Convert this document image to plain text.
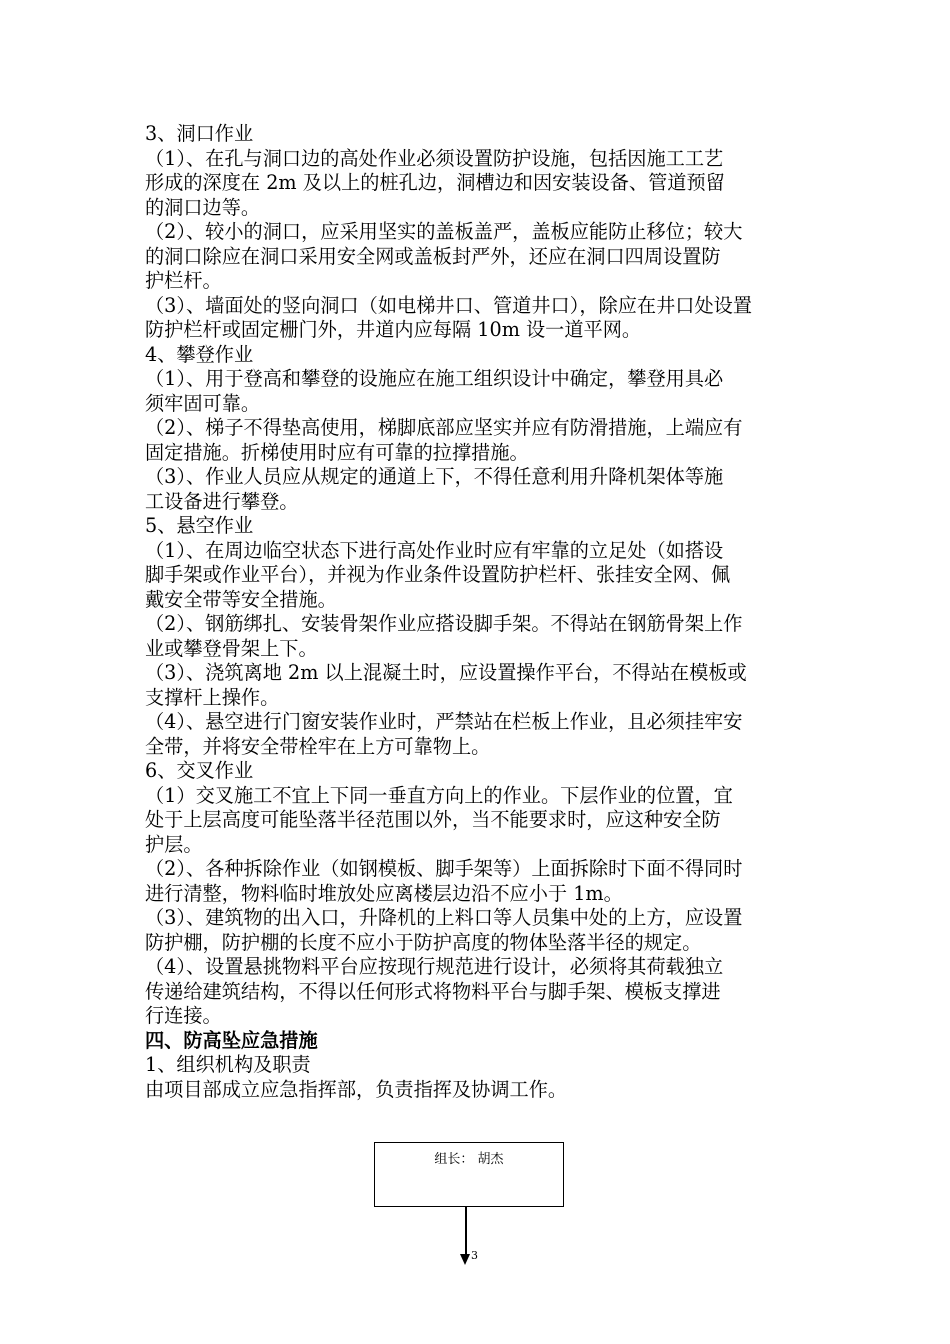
3、洞口作业
（1）、在孔与洞口边的高处作业必须设置防护设施，包括因施工工艺
形成的深度在 2m 及以上的桩孔边，洞槽边和因安装设备、管道预留
的洞口边等。
（2）、较小的洞口，应采用坚实的盖板盖严，盖板应能防止移位；较大
的洞口除应在洞口采用安全网或盖板封严外，还应在洞口四周设置防
护栏杆。
（3）、墙面处的竖向洞口（如电梯井口、管道井口），除应在井口处设置
防护栏杆或固定栅门外，井道内应每隔 10m 设一道平网。
4、攀登作业
（1）、用于登高和攀登的设施应在施工组织设计中确定，攀登用具必
须牢固可靠。
（2）、梯子不得垫高使用，梯脚底部应坚实并应有防滑措施，上端应有
固定措施。折梯使用时应有可靠的拉撑措施。
（3）、作业人员应从规定的通道上下，不得任意利用升降机架体等施
工设备进行攀登。
5、悬空作业
（1）、在周边临空状态下进行高处作业时应有牢靠的立足处（如搭设
脚手架或作业平台），并视为作业条件设置防护栏杆、张挂安全网、佩
戴安全带等安全措施。
（2）、钢筋绑扎、安装骨架作业应搭设脚手架。不得站在钢筋骨架上作
业或攀登骨架上下。
（3）、浇筑离地 2m 以上混凝土时，应设置操作平台，不得站在模板或
支撑杆上操作。
（4）、悬空进行门窗安装作业时，严禁站在栏板上作业，且必须挂牢安
全带，并将安全带栓牢在上方可靠物上。
6、交叉作业
（1）交叉施工不宜上下同一垂直方向上的作业。下层作业的位置，宜
处于上层高度可能坠落半径范围以外，当不能要求时，应这种安全防
护层。
（2）、各种拆除作业（如钢模板、脚手架等）上面拆除时下面不得同时
进行清整，物料临时堆放处应离楼层边沿不应小于 1m。
（3）、建筑物的出入口，升降机的上料口等人员集中处的上方，应设置
防护棚，防护棚的长度不应小于防护高度的物体坠落半径的规定。
（4）、设置悬挑物料平台应按现行规范进行设计，必须将其荷载独立
传递给建筑结构，不得以任何形式将物料平台与脚手架、模板支撑进
行连接。
四、防高坠应急措施
1、组织机构及职责
由项目部成立应急指挥部，负责指挥及协调工作。
组长： 胡杰
3
